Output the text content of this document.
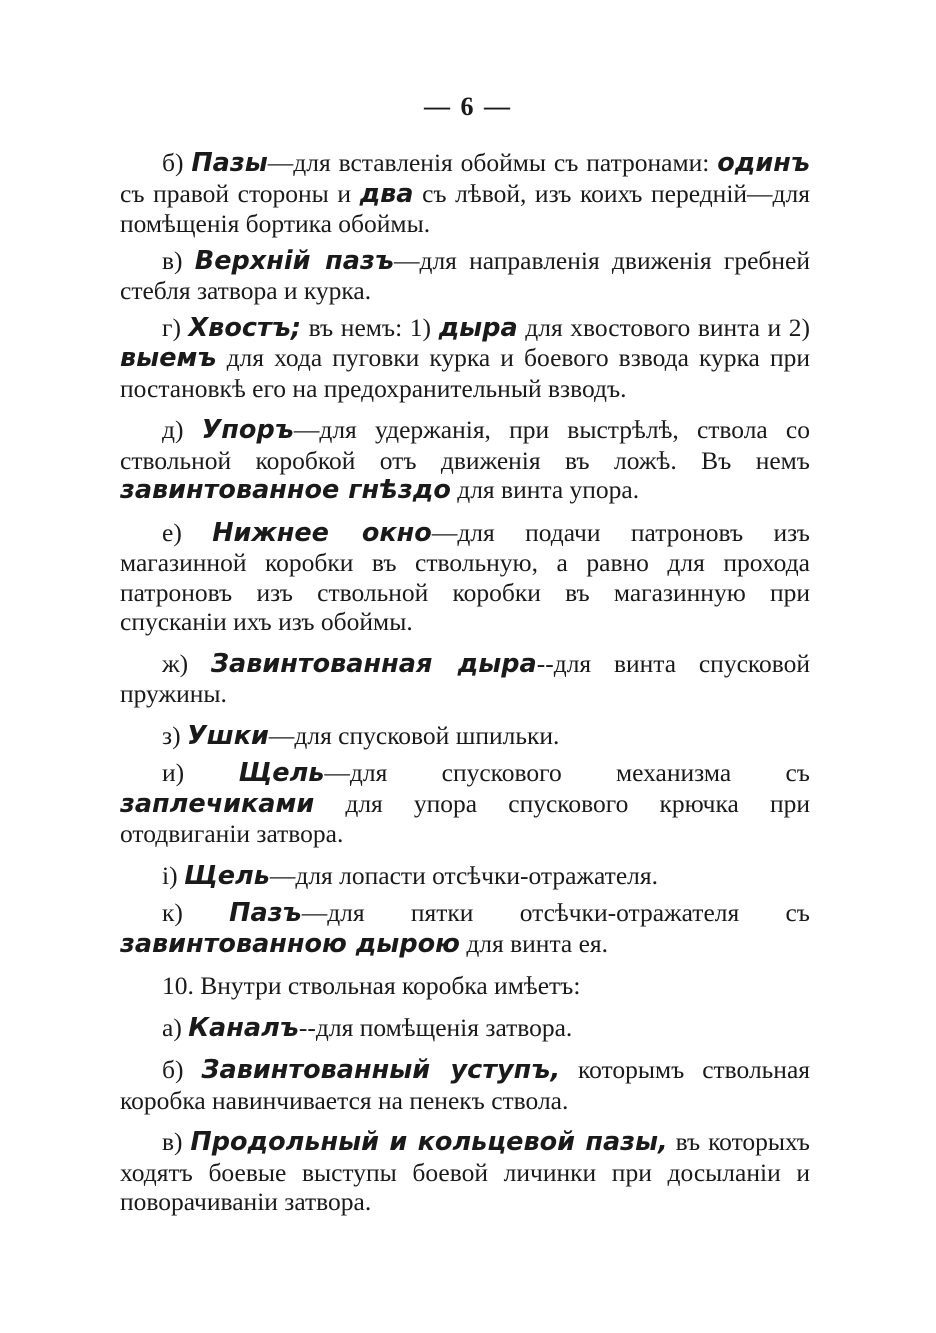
— 6 —

б) Пазы—для вставленія обоймы съ патронами: одинъ съ правой стороны и два съ лѣвой, изъ коихъ передній—для помѣщенія бортика обоймы.

в) Верхній пазъ—для направленія движенія гребней стебля затвора и курка.

г) Хвостъ; въ немъ: 1) дыра для хвостового винта и 2) выемъ для хода пуговки курка и боевого взвода курка при постановкѣ его на предохранительный взводъ.

д) Упоръ—для удержанія, при выстрѣлѣ, ствола со ствольной коробкой отъ движенія въ ложѣ. Въ немъ завинтованное гнѣздо для винта упора.

е) Нижнее окно—для подачи патроновъ изъ магазинной коробки въ ствольную, а равно для прохода патроновъ изъ ствольной коробки въ магазинную при спусканіи ихъ изъ обоймы.

ж) Завинтованная дыра--для винта спусковой пружины.

з) Ушки—для спусковой шпильки.

и) Щель—для спускового механизма съ заплечиками для упора спускового крючка при отодвиганіи затвора.

і) Щель—для лопасти отсѣчки-отражателя.

к) Пазъ—для пятки отсѣчки-отражателя съ завинтованною дырою для винта ея.

10. Внутри ствольная коробка имѣетъ:

а) Каналъ--для помѣщенія затвора.

б) Завинтованный уступъ, которымъ ствольная коробка навинчивается на пенекъ ствола.

в) Продольный и кольцевой пазы, въ которыхъ ходятъ боевые выступы боевой личинки при досыланіи и поворачиваніи затвора.
